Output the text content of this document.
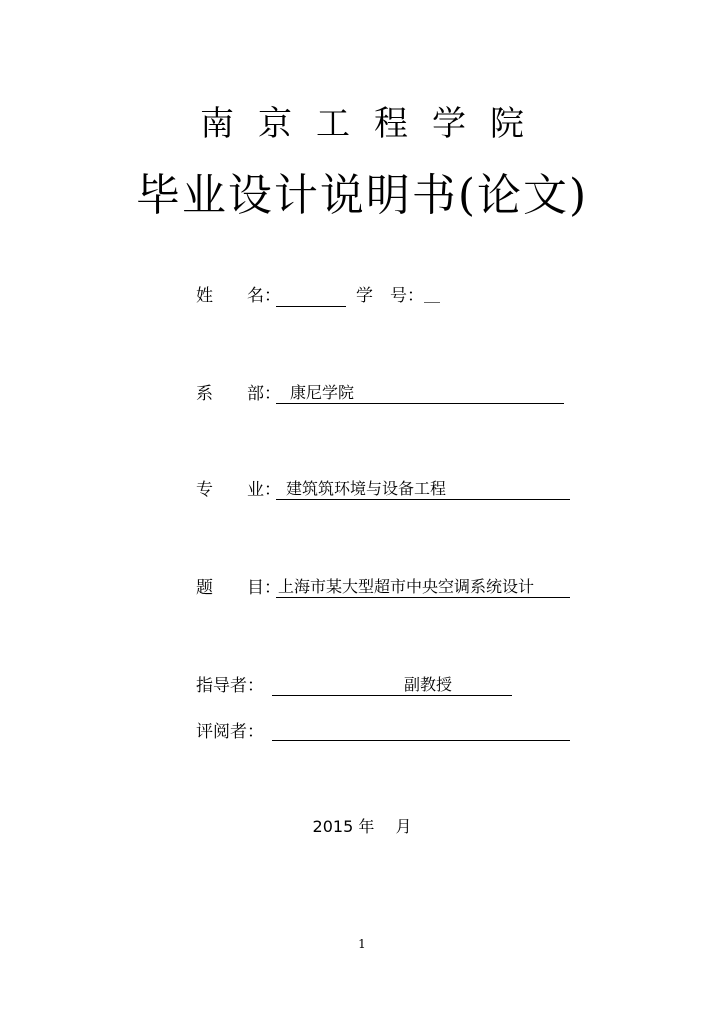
南京工程学院
毕业设计说明书(论文)
姓　　名：	学　号： __
系　　部： 康尼学院
专　　业： 建筑筑环境与设备工程
题　　目：
上海市某大型超市中央空调系统设计
指导者：	副教授
评阅者：
2015 年　 月
1
